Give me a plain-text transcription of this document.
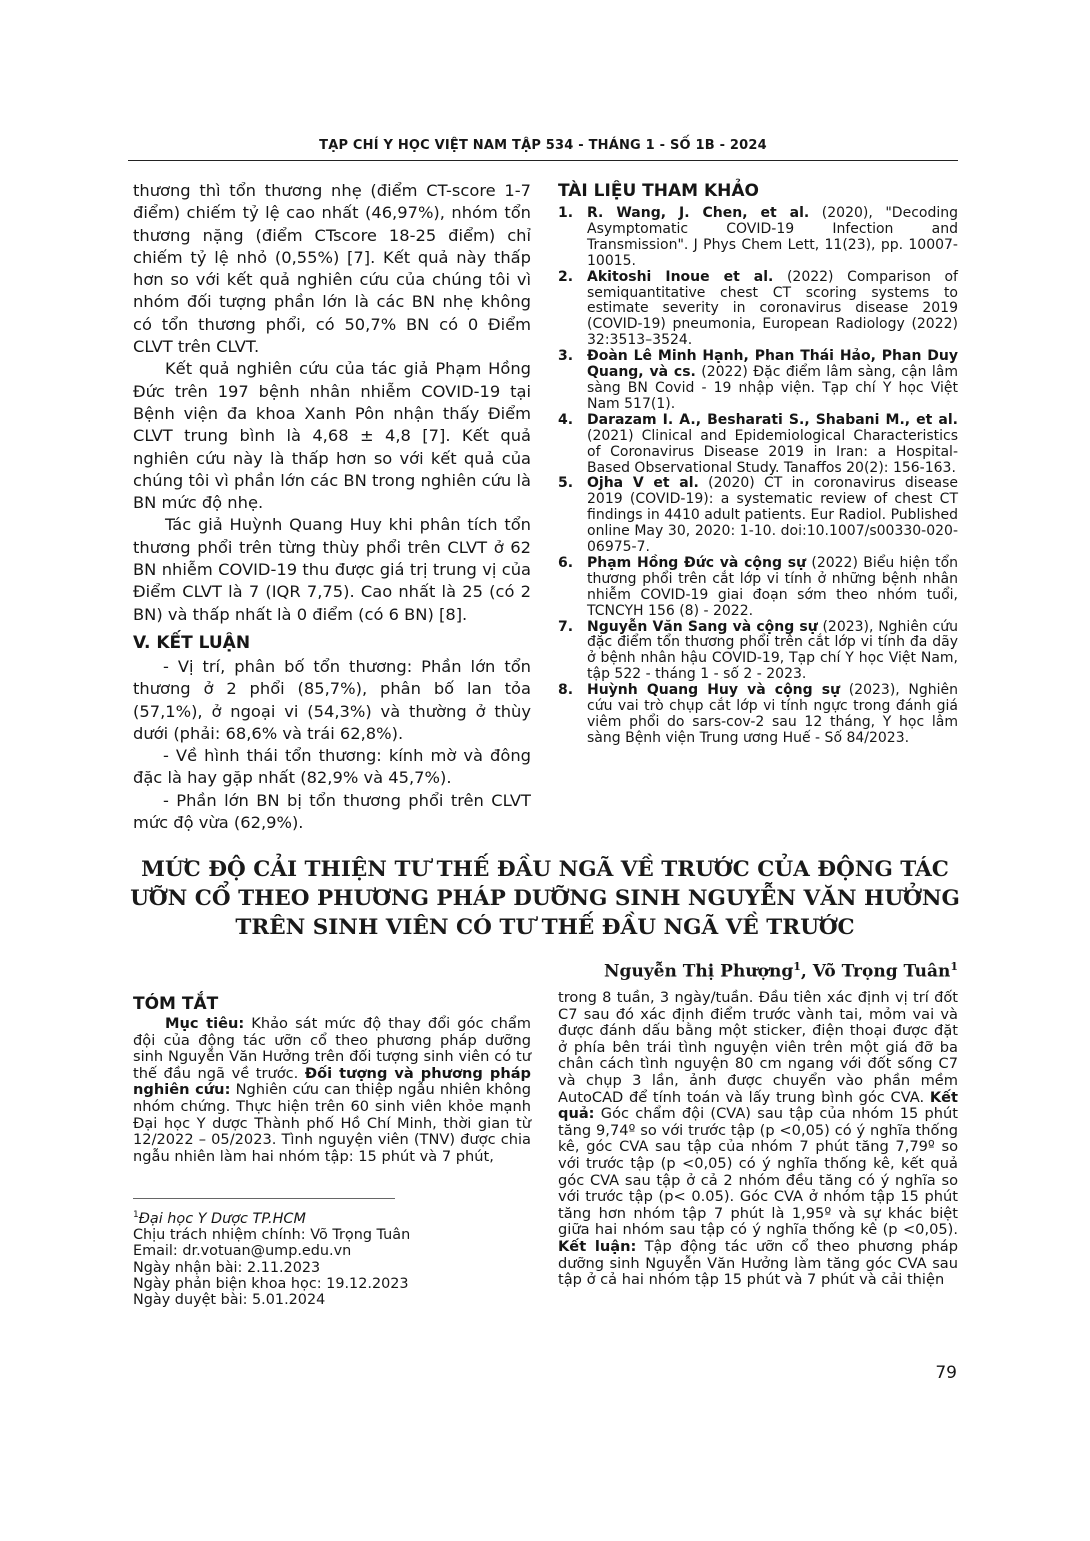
TẠP CHÍ Y HỌC VIỆT NAM TẬP 534 - THÁNG 1 - SỐ 1B - 2024

thương thì tổn thương nhẹ (điểm CT-score 1-7 điểm) chiếm tỷ lệ cao nhất (46,97%), nhóm tổn thương nặng (điểm CTscore 18-25 điểm) chỉ chiếm tỷ lệ nhỏ (0,55%) [7]. Kết quả này thấp hơn so với kết quả nghiên cứu của chúng tôi vì nhóm đối tượng phần lớn là các BN nhẹ không có tổn thương phổi, có 50,7% BN có 0 Điểm CLVT trên CLVT.

Kết quả nghiên cứu của tác giả Phạm Hồng Đức trên 197 bệnh nhân nhiễm COVID-19 tại Bệnh viện đa khoa Xanh Pôn nhận thấy Điểm CLVT trung bình là 4,68 ± 4,8 [7]. Kết quả nghiên cứu này là thấp hơn so với kết quả của chúng tôi vì phần lớn các BN trong nghiên cứu là BN mức độ nhẹ.

Tác giả Huỳnh Quang Huy khi phân tích tổn thương phổi trên từng thùy phổi trên CLVT ở 62 BN nhiễm COVID-19 thu được giá trị trung vị của Điểm CLVT là 7 (IQR 7,75). Cao nhất là 25 (có 2 BN) và thấp nhất là 0 điểm (có 6 BN) [8].

V. KẾT LUẬN

- Vị trí, phân bố tổn thương: Phần lớn tổn thương ở 2 phổi (85,7%), phân bố lan tỏa (57,1%), ở ngoại vi (54,3%) và thường ở thùy dưới (phải: 68,6% và trái 62,8%).

- Về hình thái tổn thương: kính mờ và đông đặc là hay gặp nhất (82,9% và 45,7%).

- Phần lớn BN bị tổn thương phổi trên CLVT mức độ vừa (62,9%).

TÀI LIỆU THAM KHẢO
1. R. Wang, J. Chen, et al. (2020), "Decoding Asymptomatic COVID-19 Infection and Transmission". J Phys Chem Lett, 11(23), pp. 10007-10015.
2. Akitoshi Inoue et al. (2022) Comparison of semiquantitative chest CT scoring systems to estimate severity in coronavirus disease 2019 (COVID-19) pneumonia, European Radiology (2022) 32:3513–3524.
3. Đoàn Lê Minh Hạnh, Phan Thái Hảo, Phan Duy Quang, và cs. (2022) Đặc điểm lâm sàng, cận lâm sàng BN Covid - 19 nhập viện. Tạp chí Y học Việt Nam 517(1).
4. Darazam I. A., Besharati S., Shabani M., et al. (2021) Clinical and Epidemiological Characteristics of Coronavirus Disease 2019 in Iran: a Hospital-Based Observational Study. Tanaffos 20(2): 156-163.
5. Ojha V et al. (2020) CT in coronavirus disease 2019 (COVID-19): a systematic review of chest CT findings in 4410 adult patients. Eur Radiol. Published online May 30, 2020: 1-10. doi:10.1007/s00330-020-06975-7.
6. Phạm Hồng Đức và cộng sự (2022) Biểu hiện tổn thương phổi trên cắt lớp vi tính ở những bệnh nhân nhiễm COVID-19 giai đoạn sớm theo nhóm tuổi, TCNCYH 156 (8) - 2022.
7. Nguyễn Văn Sang và cộng sự (2023), Nghiên cứu đặc điểm tổn thương phổi trên cắt lớp vi tính đa dãy ở bệnh nhân hậu COVID-19, Tạp chí Y học Việt Nam, tập 522 - tháng 1 - số 2 - 2023.
8. Huỳnh Quang Huy và cộng sự (2023), Nghiên cứu vai trò chụp cắt lớp vi tính ngực trong đánh giá viêm phổi do sars-cov-2 sau 12 tháng, Y học lâm sàng Bệnh viện Trung ương Huế - Số 84/2023.
MỨC ĐỘ CẢI THIỆN TƯ THẾ ĐẦU NGÃ VỀ TRƯỚC CỦA ĐỘNG TÁC
ƯỠN CỔ THEO PHƯƠNG PHÁP DƯỠNG SINH NGUYỄN VĂN HƯỞNG
TRÊN SINH VIÊN CÓ TƯ THẾ ĐẦU NGÃ VỀ TRƯỚC
Nguyễn Thị Phượng$^1$, Võ Trọng Tuân$^1$
TÓM TẮT

Mục tiêu: Khảo sát mức độ thay đổi góc chẩm đội của động tác ưỡn cổ theo phương pháp dưỡng sinh Nguyễn Văn Hưởng trên đối tượng sinh viên có tư thế đầu ngã về trước. Đối tượng và phương pháp nghiên cứu: Nghiên cứu can thiệp ngẫu nhiên không nhóm chứng. Thực hiện trên 60 sinh viên khỏe mạnh Đại học Y dược Thành phố Hồ Chí Minh, thời gian từ 12/2022 – 05/2023. Tình nguyện viên (TNV) được chia ngẫu nhiên làm hai nhóm tập: 15 phút và 7 phút,

trong 8 tuần, 3 ngày/tuần. Đầu tiên xác định vị trí đốt C7 sau đó xác định điểm trước vành tai, mỏm vai và được đánh dấu bằng một sticker, điện thoại được đặt ở phía bên trái tình nguyện viên trên một giá đỡ ba chân cách tình nguyện 80 cm ngang với đốt sống C7 và chụp 3 lần, ảnh được chuyển vào phần mềm AutoCAD để tính toán và lấy trung bình góc CVA. Kết quả: Góc chẩm đội (CVA) sau tập của nhóm 15 phút tăng 9,74º so với trước tập (p <0,05) có ý nghĩa thống kê, góc CVA sau tập của nhóm 7 phút tăng 7,79º so với trước tập (p <0,05) có ý nghĩa thống kê, kết quả góc CVA sau tập ở cả 2 nhóm đều tăng có ý nghĩa so với trước tập (p< 0.05). Góc CVA ở nhóm tập 15 phút tăng hơn nhóm tập 7 phút là 1,95º và sự khác biệt giữa hai nhóm sau tập có ý nghĩa thống kê (p <0,05). Kết luận: Tập động tác ưỡn cổ theo phương pháp dưỡng sinh Nguyễn Văn Hưởng làm tăng góc CVA sau tập ở cả hai nhóm tập 15 phút và 7 phút và cải thiện

$^1$Đại học Y Dược TP.HCM
Chịu trách nhiệm chính: Võ Trọng Tuân
Email: dr.votuan@ump.edu.vn
Ngày nhận bài: 2.11.2023
Ngày phản biện khoa học: 19.12.2023
Ngày duyệt bài: 5.01.2024
79
